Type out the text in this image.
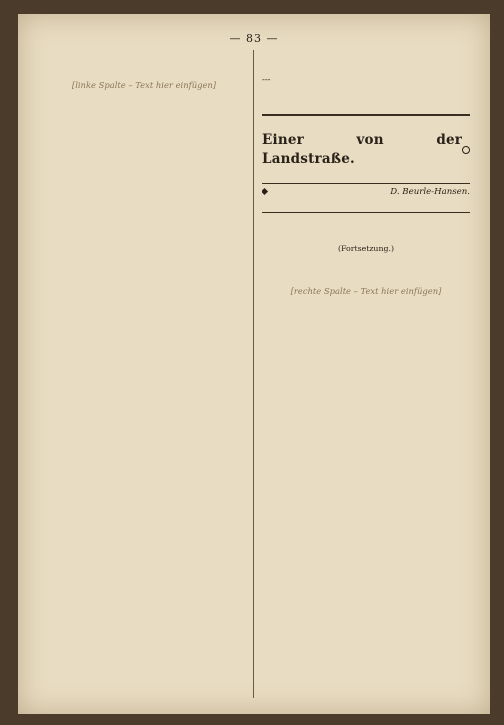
— 83 —

[linke Spalte – Text hier einfügen]

---

Einer von der Landstraße.

D. Beurle-Hansen.

(Fortsetzung.)

[rechte Spalte – Text hier einfügen]
